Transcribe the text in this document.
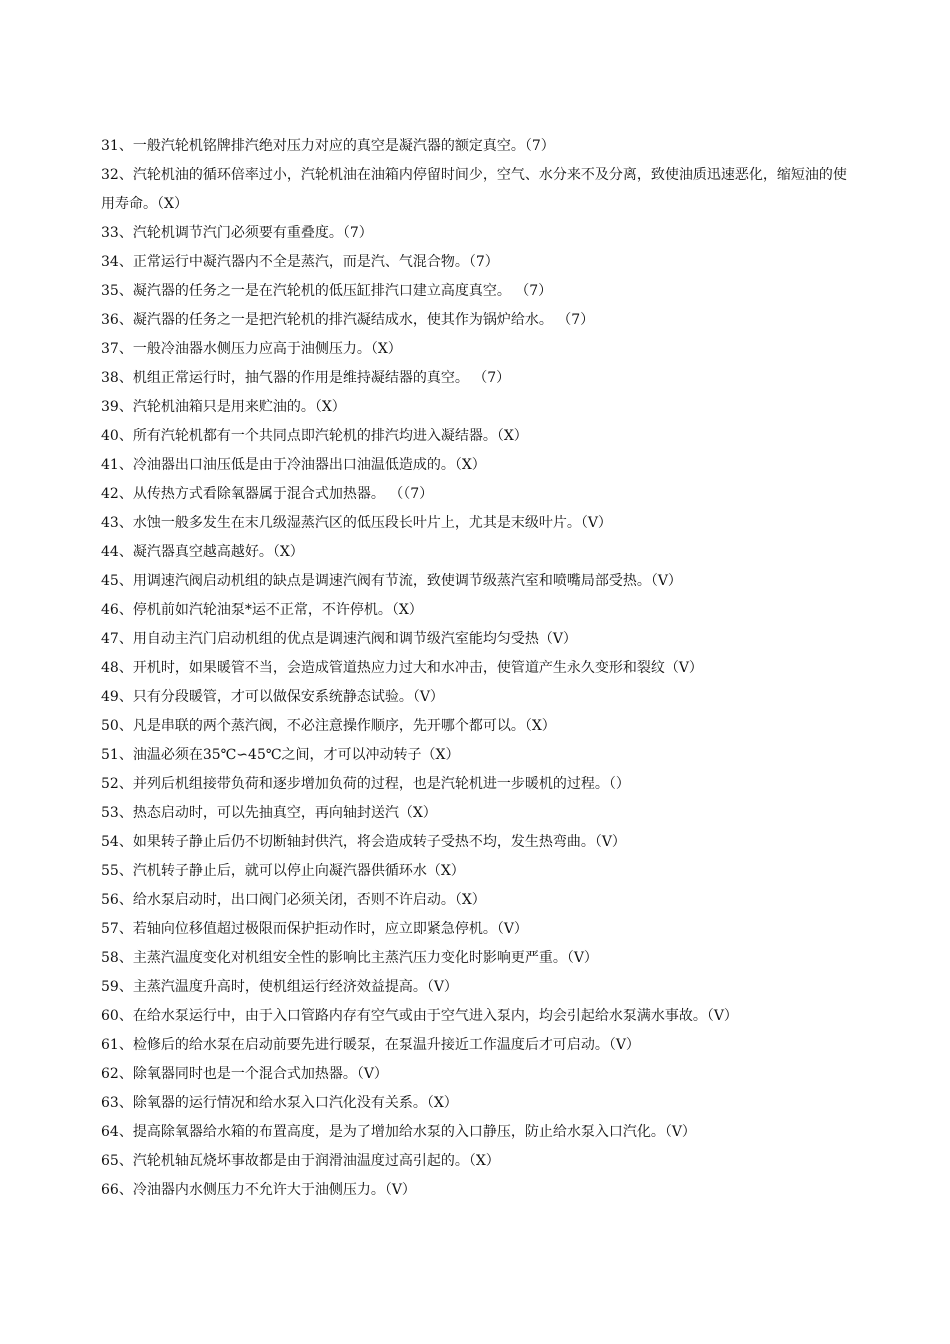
31、一般汽轮机铭牌排汽绝对压力对应的真空是凝汽器的额定真空。（7）

32、汽轮机油的循环倍率过小，汽轮机油在油箱内停留时间少，空气、水分来不及分离，致使油质迅速恶化，缩短油的使用寿命。（X）

33、汽轮机调节汽门必须要有重叠度。（7）

34、正常运行中凝汽器内不全是蒸汽，而是汽、气混合物。（7）

35、凝汽器的任务之一是在汽轮机的低压缸排汽口建立高度真空。 （7）

36、凝汽器的任务之一是把汽轮机的排汽凝结成水，使其作为锅炉给水。 （7）

37、一般冷油器水侧压力应高于油侧压力。（X）

38、机组正常运行时，抽气器的作用是维持凝结器的真空。 （7）

39、汽轮机油箱只是用来贮油的。（X）

40、所有汽轮机都有一个共同点即汽轮机的排汽均进入凝结器。（X）

41、冷油器出口油压低是由于冷油器出口油温低造成的。（X）

42、从传热方式看除氧器属于混合式加热器。 （（7）

43、水蚀一般多发生在末几级湿蒸汽区的低压段长叶片上，尤其是末级叶片。（V）

44、凝汽器真空越高越好。（X）

45、用调速汽阀启动机组的缺点是调速汽阀有节流，致使调节级蒸汽室和喷嘴局部受热。（V）

46、停机前如汽轮油泵*运不正常，不许停机。（X）

47、用自动主汽门启动机组的优点是调速汽阀和调节级汽室能均匀受热（V）

48、开机时，如果暖管不当，会造成管道热应力过大和水冲击，使管道产生永久变形和裂纹（V）

49、只有分段暖管，才可以做保安系统静态试验。（V）

50、凡是串联的两个蒸汽阀，不必注意操作顺序，先开哪个都可以。（X）

51、油温必须在35℃∽45℃之间，才可以冲动转子（X）

52、并列后机组接带负荷和逐步增加负荷的过程，也是汽轮机进一步暖机的过程。（）

53、热态启动时，可以先抽真空，再向轴封送汽（X）

54、如果转子静止后仍不切断轴封供汽，将会造成转子受热不均，发生热弯曲。（V）

55、汽机转子静止后，就可以停止向凝汽器供循环水（X）

56、给水泵启动时，出口阀门必须关闭，否则不许启动。（X）

57、若轴向位移值超过极限而保护拒动作时，应立即紧急停机。（V）

58、主蒸汽温度变化对机组安全性的影响比主蒸汽压力变化时影响更严重。（V）

59、主蒸汽温度升高时，使机组运行经济效益提高。（V）

60、在给水泵运行中，由于入口管路内存有空气或由于空气进入泵内，均会引起给水泵满水事故。（V）

61、检修后的给水泵在启动前要先进行暖泵，在泵温升接近工作温度后才可启动。（V）

62、除氧器同时也是一个混合式加热器。（V）

63、除氧器的运行情况和给水泵入口汽化没有关系。（X）

64、提高除氧器给水箱的布置高度，是为了增加给水泵的入口静压，防止给水泵入口汽化。（V）

65、汽轮机轴瓦烧坏事故都是由于润滑油温度过高引起的。（X）

66、冷油器内水侧压力不允许大于油侧压力。（V）
